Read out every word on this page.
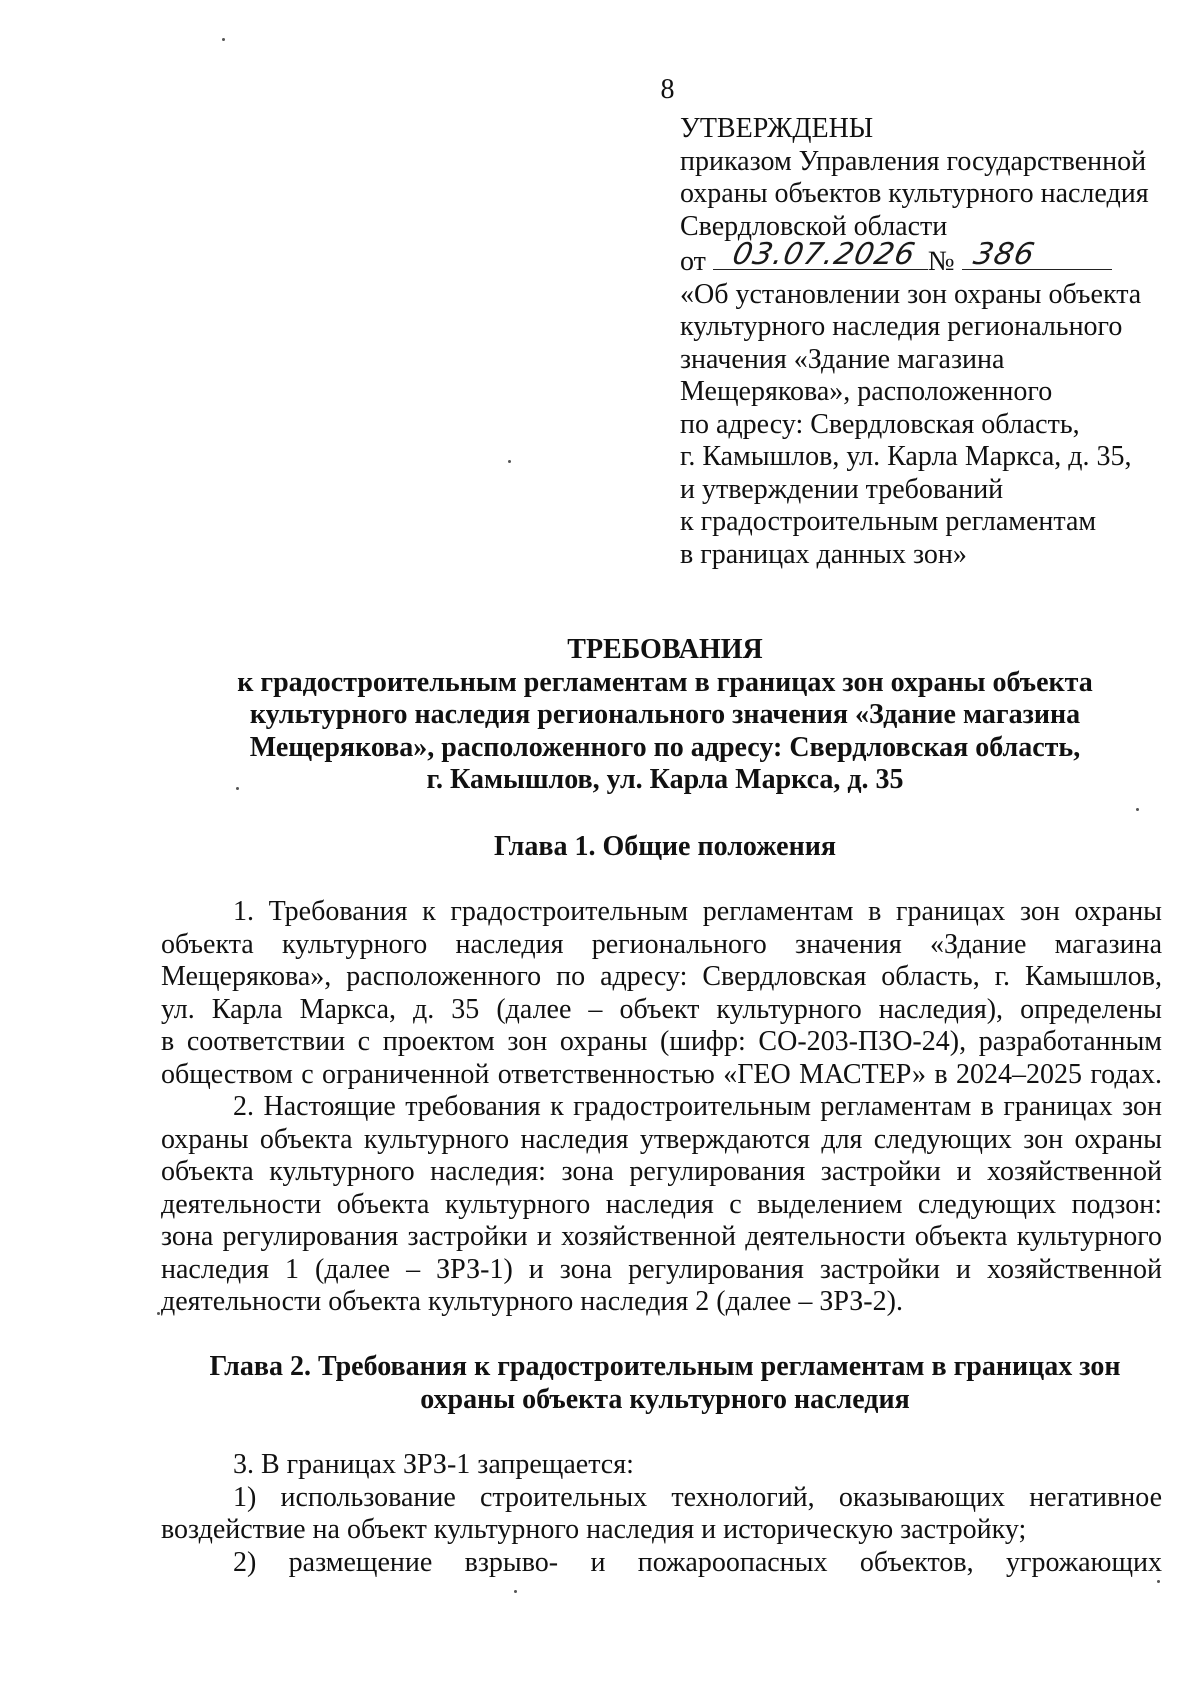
8
УТВЕРЖДЕНЫ
приказом Управления государственной
охраны объектов культурного наследия
Свердловской области
от 03.07.2026 № 386
«Об установлении зон охраны объекта
культурного наследия регионального
значения «Здание магазина
Мещерякова», расположенного
по адресу: Свердловская область,
г. Камышлов, ул. Карла Маркса, д. 35,
и утверждении требований
к градостроительным регламентам
в границах данных зон»
ТРЕБОВАНИЯ
к градостроительным регламентам в границах зон охраны объекта
культурного наследия регионального значения «Здание магазина
Мещерякова», расположенного по адресу: Свердловская область,
г. Камышлов, ул. Карла Маркса, д. 35
Глава 1. Общие положения
1. Требования к градостроительным регламентам в границах зон охраны
объекта культурного наследия регионального значения «Здание магазина
Мещерякова», расположенного по адресу: Свердловская область, г. Камышлов,
ул. Карла Маркса, д. 35 (далее – объект культурного наследия), определены
в соответствии с проектом зон охраны (шифр: СО-203-ПЗО-24), разработанным
обществом с ограниченной ответственностью «ГЕО МАСТЕР» в 2024–2025 годах.
2. Настоящие требования к градостроительным регламентам в границах зон
охраны объекта культурного наследия утверждаются для следующих зон охраны
объекта культурного наследия: зона регулирования застройки и хозяйственной
деятельности объекта культурного наследия с выделением следующих подзон:
зона регулирования застройки и хозяйственной деятельности объекта культурного
наследия 1 (далее – ЗРЗ-1) и зона регулирования застройки и хозяйственной
деятельности объекта культурного наследия 2 (далее – ЗРЗ-2).
Глава 2. Требования к градостроительным регламентам в границах зон
охраны объекта культурного наследия
3. В границах ЗРЗ-1 запрещается:
1) использование строительных технологий, оказывающих негативное
воздействие на объект культурного наследия и историческую застройку;
2) размещение взрыво- и пожароопасных объектов, угрожающих
